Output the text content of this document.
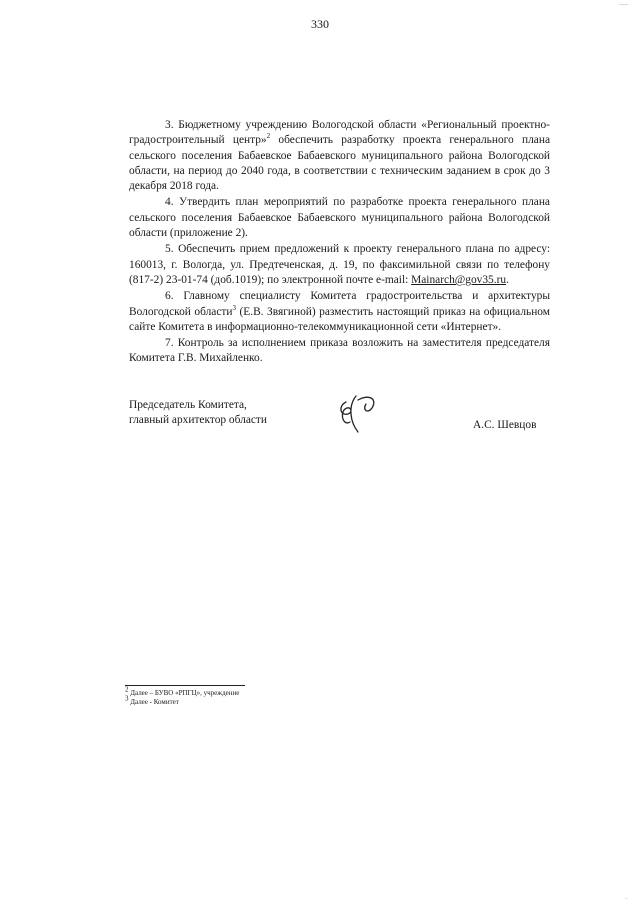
___
330

3. Бюджетному учреждению Вологодской области «Региональный проектно-градостроительный центр»$^2$ обеспечить разработку проекта генерального плана сельского поселения Бабаевское Бабаевского муниципального района Вологодской области, на период до 2040 года, в соответствии с техническим заданием в срок до 3 декабря 2018 года.

4. Утвердить план мероприятий по разработке проекта генерального плана сельского поселения Бабаевское Бабаевского муниципального района Вологодской области (приложение 2).

5. Обеспечить прием предложений к проекту генерального плана по адресу: 160013, г. Вологда, ул. Предтеченская, д. 19, по факсимильной связи по телефону (817-2) 23-01-74 (доб.1019); по электронной почте e-mail: Mainarch@gov35.ru.

6. Главному специалисту Комитета градостроительства и архитектуры Вологодской области$^3$ (Е.В. Звягиной) разместить настоящий приказ на официальном сайте Комитета в информационно-телекоммуникационной сети «Интернет».

7. Контроль за исполнением приказа возложить на заместителя председателя Комитета Г.В. Михайленко.

Председатель Комитета,
главный архитектор области	А.С. Шевцов
$^2$ Далее – БУВО «РПГЦ», учреждение
$^3$ Далее - Комитет
..
